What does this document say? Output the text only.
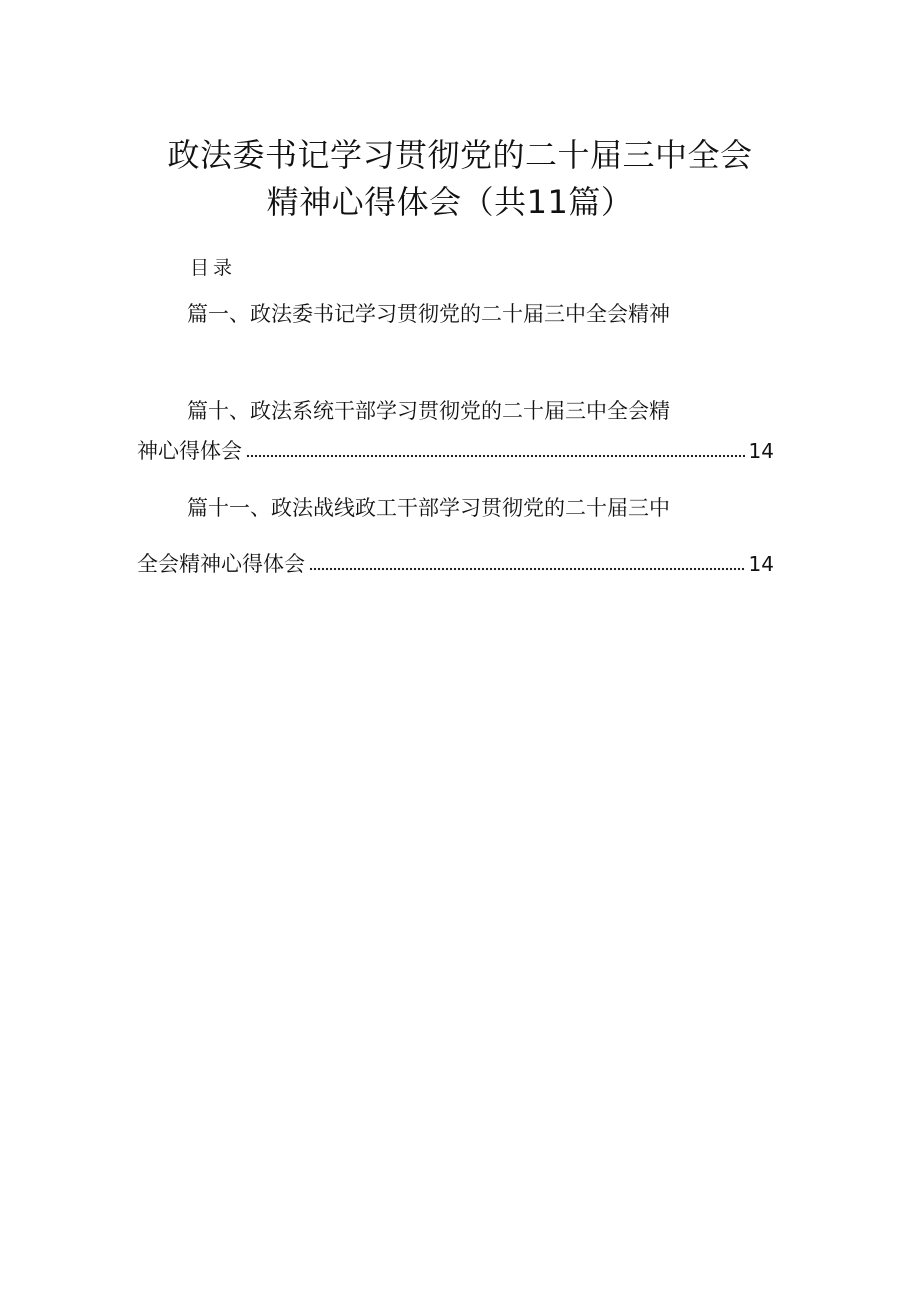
政法委书记学习贯彻党的二十届三中全会
精神心得体会（共11篇）
目录
篇一、政法委书记学习贯彻党的二十届三中全会精神
篇十、政法系统干部学习贯彻党的二十届三中全会精
神心得体会	14
篇十一、政法战线政工干部学习贯彻党的二十届三中
全会精神心得体会	14
